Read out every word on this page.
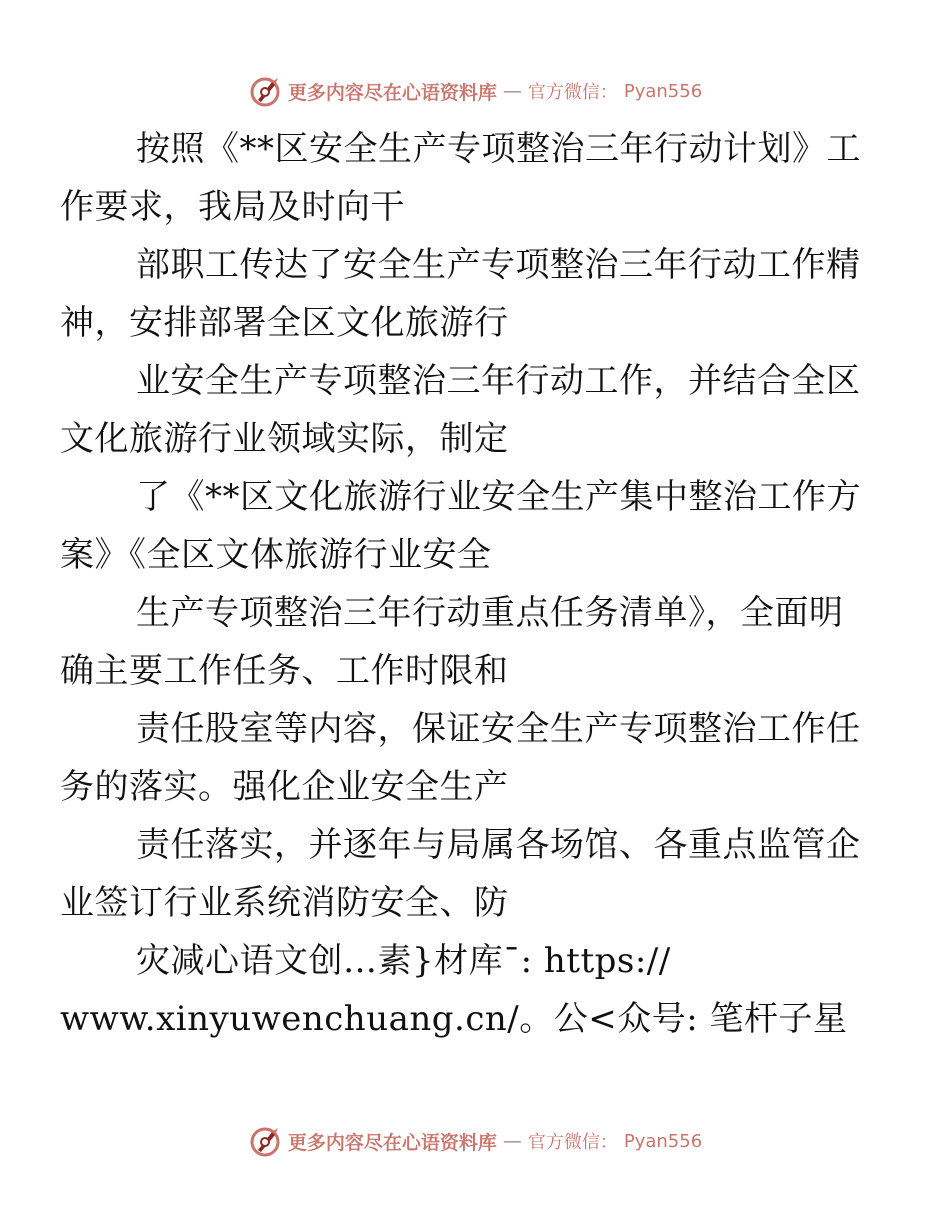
更多内容尽在心语资料库 — 官方微信： Pyan556

按照《**区安全生产专项整治三年行动计划》工
作要求，我局及时向干

部职工传达了安全生产专项整治三年行动工作精
神，安排部署全区文化旅游行

业安全生产专项整治三年行动工作，并结合全区
文化旅游行业领域实际，制定

了《**区文化旅游行业安全生产集中整治工作方
案》《全区文体旅游行业安全

生产专项整治三年行动重点任务清单》，全面明
确主要工作任务、工作时限和

责任股室等内容，保证安全生产专项整治工作任
务的落实。强化企业安全生产

责任落实，并逐年与局属各场馆、各重点监管企
业签订行业系统消防安全、防

灾减心语文创…素}材库¯: https://
www.xinyuwenchuang.cn/。公<众号: 笔杆子星

更多内容尽在心语资料库 — 官方微信： Pyan556
